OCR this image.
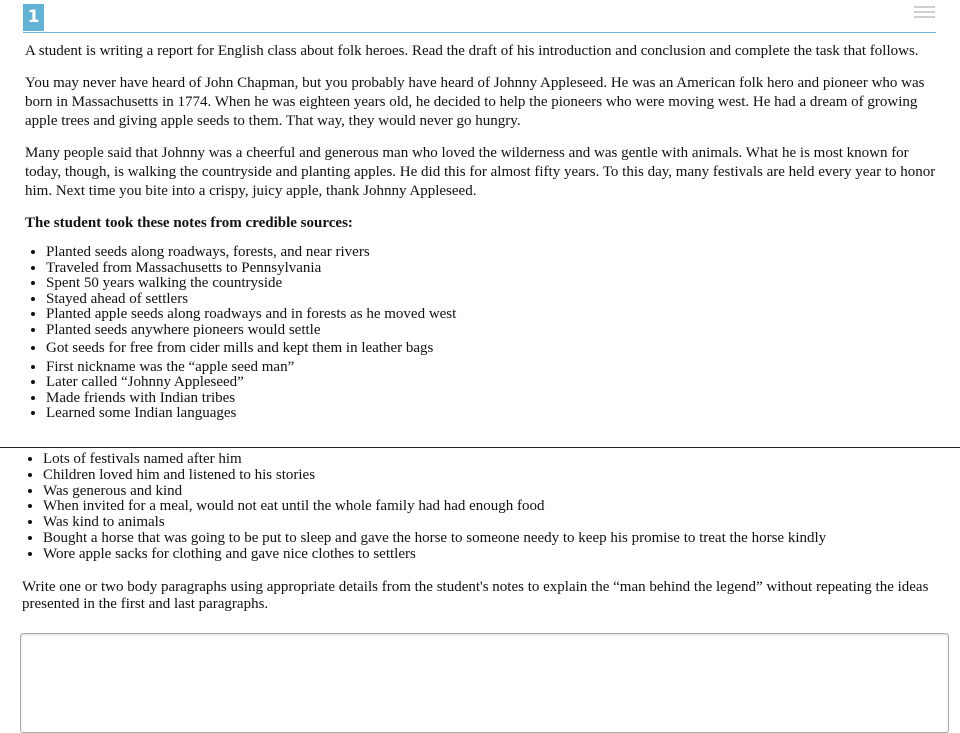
1

A student is writing a report for English class about folk heroes. Read the draft of his introduction and conclusion and complete the task that follows.

You may never have heard of John Chapman, but you probably have heard of Johnny Appleseed. He was an American folk hero and pioneer who was born in Massachusetts in 1774. When he was eighteen years old, he decided to help the pioneers who were moving west. He had a dream of growing apple trees and giving apple seeds to them. That way, they would never go hungry.

Many people said that Johnny was a cheerful and generous man who loved the wilderness and was gentle with animals. What he is most known for today, though, is walking the countryside and planting apples. He did this for almost fifty years. To this day, many festivals are held every year to honor him. Next time you bite into a crispy, juicy apple, thank Johnny Appleseed.

The student took these notes from credible sources:
• Planted seeds along roadways, forests, and near rivers
• Traveled from Massachusetts to Pennsylvania
• Spent 50 years walking the countryside
• Stayed ahead of settlers
• Planted apple seeds along roadways and in forests as he moved west
• Planted seeds anywhere pioneers would settle
• Got seeds for free from cider mills and kept them in leather bags
• First nickname was the “apple seed man”
• Later called “Johnny Appleseed”
• Made friends with Indian tribes
• Learned some Indian languages
• Lots of festivals named after him
• Children loved him and listened to his stories
• Was generous and kind
• When invited for a meal, would not eat until the whole family had had enough food
• Was kind to animals
• Bought a horse that was going to be put to sleep and gave the horse to someone needy to keep his promise to treat the horse kindly
• Wore apple sacks for clothing and gave nice clothes to settlers

Write one or two body paragraphs using appropriate details from the student's notes to explain the “man behind the legend” without repeating the ideas presented in the first and last paragraphs.
